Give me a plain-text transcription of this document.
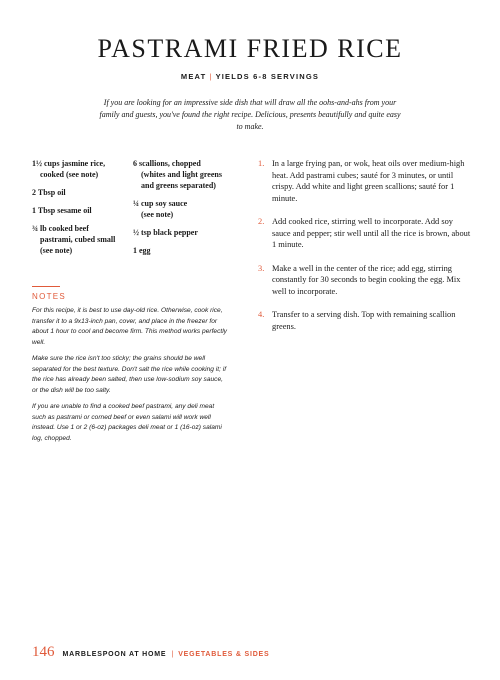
PASTRAMI FRIED RICE
MEAT | YIELDS 6-8 SERVINGS

If you are looking for an impressive side dish that will draw all the oohs-and-ahs from your family and guests, you've found the right recipe. Delicious, presents beautifully and quite easy to make.

1½ cups jasmine rice,
cooked (see note)
2 Tbsp oil
1 Tbsp sesame oil
¾ lb cooked beef
pastrami, cubed small (see note)
6 scallions, chopped
(whites and light greens and greens separated)
¼ cup soy sauce
(see note)
½ tsp black pepper
1 egg
NOTES

For this recipe, it is best to use day-old rice. Otherwise, cook rice, transfer it to a 9x13-inch pan, cover, and place in the freezer for about 1 hour to cool and become firm. This method works perfectly well.

Make sure the rice isn't too sticky; the grains should be well separated for the best texture. Don't salt the rice while cooking it; if the rice has already been salted, then use low-sodium soy sauce, or the dish will be too salty.

If you are unable to find a cooked beef pastrami, any deli meat such as pastrami or corned beef or even salami will work well instead. Use 1 or 2 (6-oz) packages deli meat or 1 (16-oz) salami log, chopped.

1. In a large frying pan, or wok, heat oils over medium-high heat. Add pastrami cubes; sauté for 3 minutes, or until crispy. Add white and light green scallions; sauté for 1 minute.
2. Add cooked rice, stirring well to incorporate. Add soy sauce and pepper; stir well until all the rice is brown, about 1 minute.
3. Make a well in the center of the rice; add egg, stirring constantly for 30 seconds to begin cooking the egg. Mix well to incorporate.
4. Transfer to a serving dish. Top with remaining scallion greens.
146 MARBLESPOON AT HOME | VEGETABLES & SIDES
